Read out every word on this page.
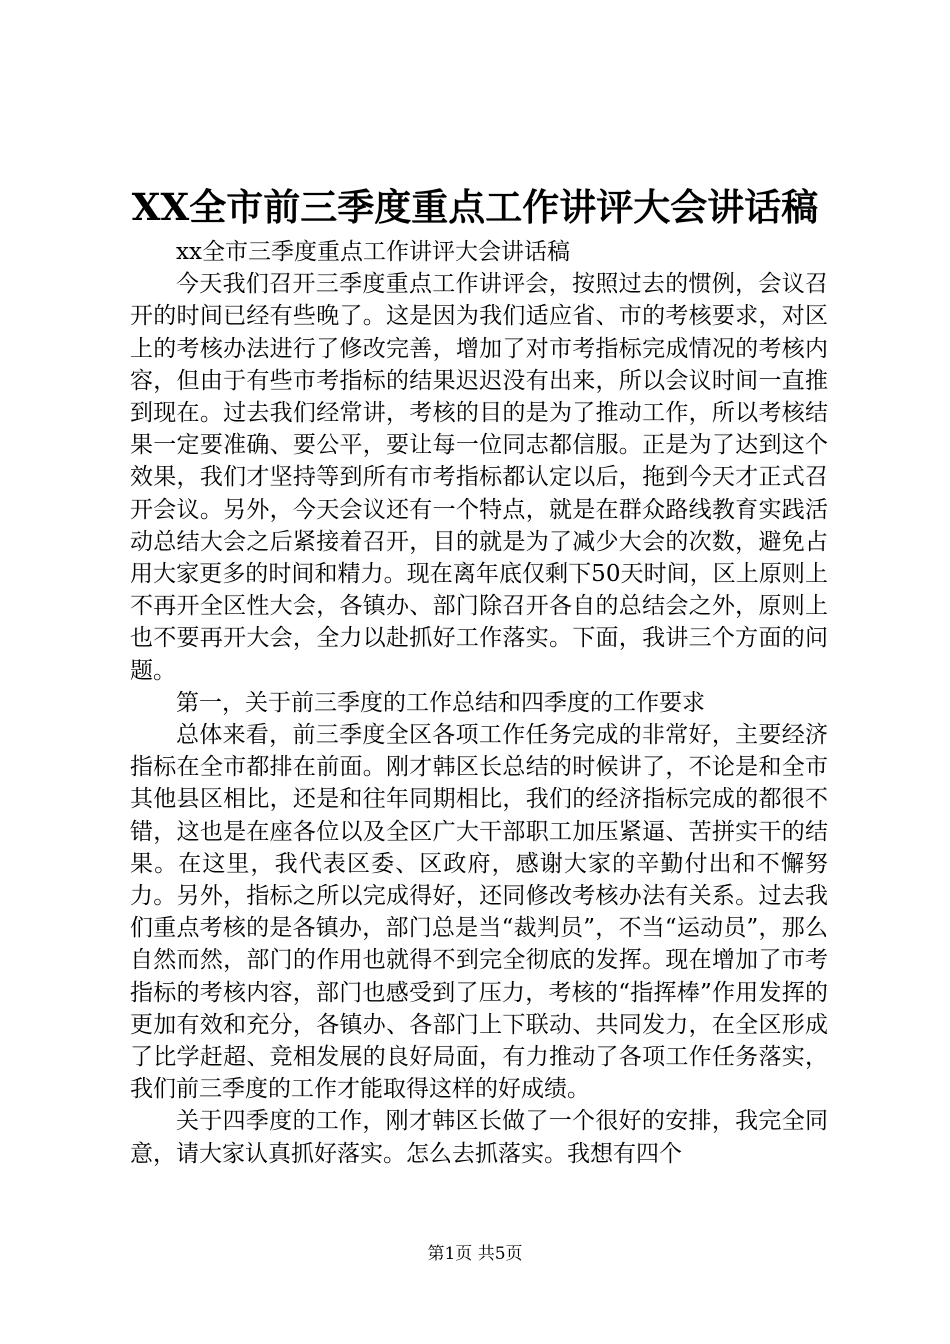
XX全市前三季度重点工作讲评大会讲话稿

xx全市三季度重点工作讲评大会讲话稿

今天我们召开三季度重点工作讲评会，按照过去的惯例，会议召开的时间已经有些晚了。这是因为我们适应省、市的考核要求，对区上的考核办法进行了修改完善，增加了对市考指标完成情况的考核内容，但由于有些市考指标的结果迟迟没有出来，所以会议时间一直推到现在。过去我们经常讲，考核的目的是为了推动工作，所以考核结果一定要准确、要公平，要让每一位同志都信服。正是为了达到这个效果，我们才坚持等到所有市考指标都认定以后，拖到今天才正式召开会议。另外，今天会议还有一个特点，就是在群众路线教育实践活动总结大会之后紧接着召开，目的就是为了减少大会的次数，避免占用大家更多的时间和精力。现在离年底仅剩下50天时间，区上原则上不再开全区性大会，各镇办、部门除召开各自的总结会之外，原则上也不要再开大会，全力以赴抓好工作落实。下面，我讲三个方面的问题。

第一，关于前三季度的工作总结和四季度的工作要求

总体来看，前三季度全区各项工作任务完成的非常好，主要经济指标在全市都排在前面。刚才韩区长总结的时候讲了，不论是和全市其他县区相比，还是和往年同期相比，我们的经济指标完成的都很不错，这也是在座各位以及全区广大干部职工加压紧逼、苦拼实干的结果。在这里，我代表区委、区政府，感谢大家的辛勤付出和不懈努力。另外，指标之所以完成得好，还同修改考核办法有关系。过去我们重点考核的是各镇办，部门总是当“裁判员”，不当“运动员”，那么自然而然，部门的作用也就得不到完全彻底的发挥。现在增加了市考指标的考核内容，部门也感受到了压力，考核的“指挥棒”作用发挥的更加有效和充分，各镇办、各部门上下联动、共同发力，在全区形成了比学赶超、竞相发展的良好局面，有力推动了各项工作任务落实，我们前三季度的工作才能取得这样的好成绩。

关于四季度的工作，刚才韩区长做了一个很好的安排，我完全同意，请大家认真抓好落实。怎么去抓落实。我想有四个

第1页 共5页
